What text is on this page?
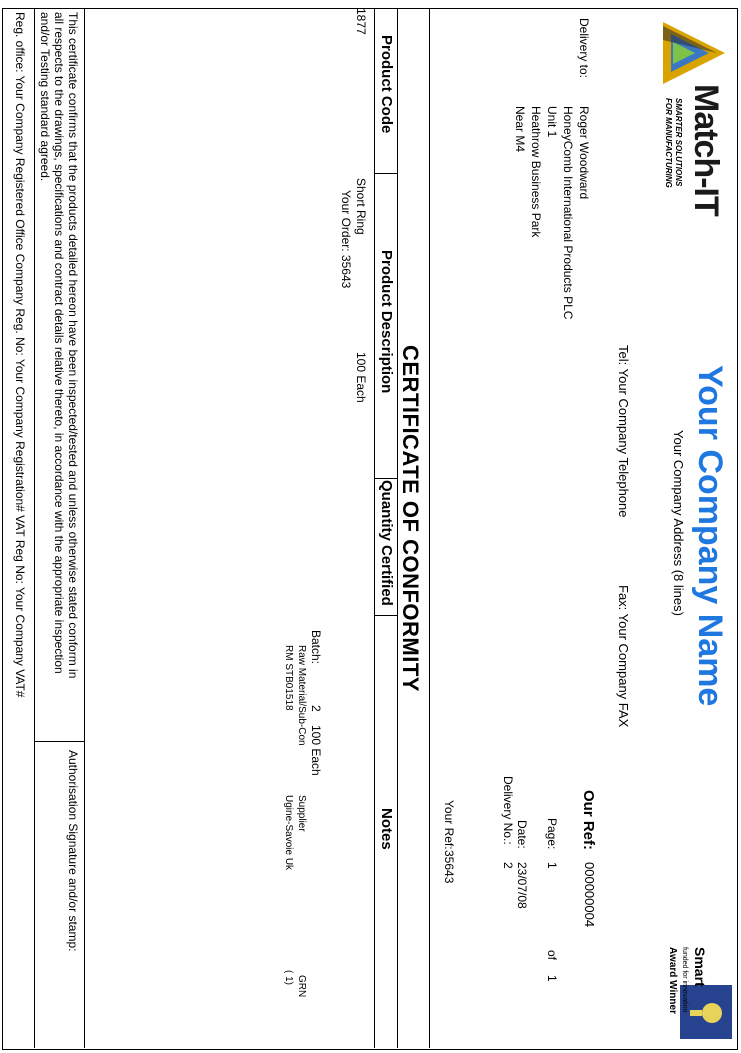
Match-IT
SMARTER SOLUTIONS
FOR MANUFACTURING
Your Company Name
Your Company Address (8 lines)
Tel: Your Company Telephone
Fax: Your Company FAX
Smart
funded for innovation
Award Winner
Delivery to:
Roger Woodward
HoneyComb International Products PLC
Unit 1
Heathrow Business Park
Near M4
Our Ref:
000000004
Page:
1
of
1
Date:
23/07/08
Delivery No.:
2
Your Ref:
35643
CERTIFICATE OF CONFORMITY
Product Code
Product Description
Quantity Certified
Notes
1877
Short Ring
Your Order: 35643
100 Each
Batch:
2
100 Each
Raw Material/Sub-Con
RM STB01518
Supplier
Ugine-Savoie Uk
GRN
( 1)
This certificate confirms that the products detailed hereon have been inspected/tested and unless otherwise stated conform in
all respects to the drawings, specifications and contract details relative thereto, in accordance with the appropriate inspection
and/or Testing standard agreed.
Authorisation Signature and/or stamp:
Reg. office: Your Company Registered Office Company Reg. No: Your Company Registration# VAT Reg No: Your Company VAT#
